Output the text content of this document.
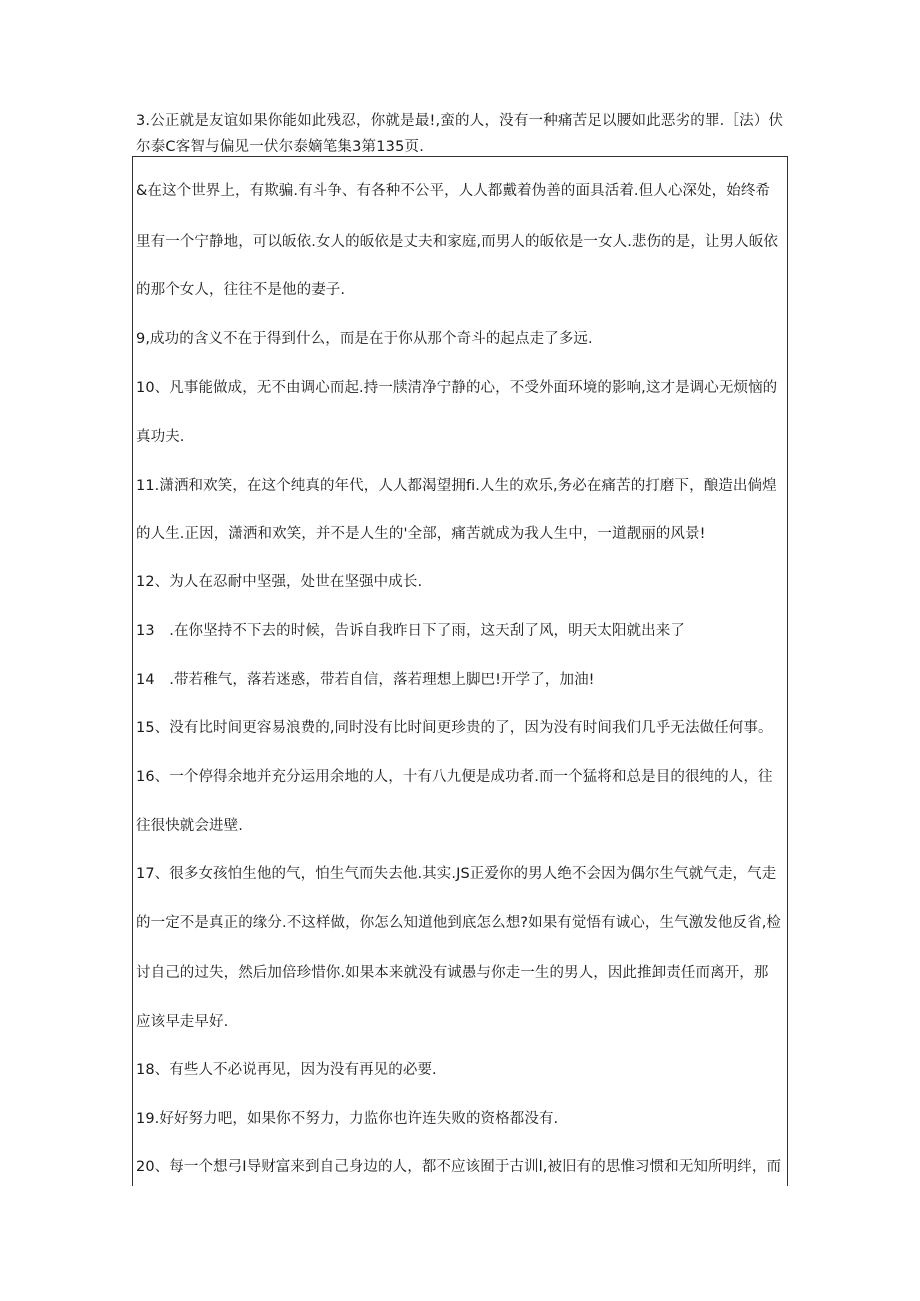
3.公正就是友谊如果你能如此残忍，你就是最!,蛮的人，没有一种痛苦足以腰如此恶劣的罪.［法）伏尔泰C客智与偏见一伏尔泰嫡笔集3第135页.

&在这个世界上，有欺骗.有斗争、有各种不公平，人人都戴着伪善的面具活着.但人心深处，始终希

里有一个宁静地，可以皈依.女人的皈依是丈夫和家庭,而男人的皈依是一女人.悲伤的是，让男人皈依

的那个女人，往往不是他的妻子.

9,成功的含义不在于得到什么，而是在于你从那个奇斗的起点走了多远.

10、凡事能做成，无不由调心而起.持一牍清净宁静的心，不受外面环境的影响,这才是调心无烦恼的

真功夫.

11.潇洒和欢笑，在这个纯真的年代，人人都渴望拥fi.人生的欢乐,务必在痛苦的打磨下，酿造出倘煌

的人生.正因，潇洒和欢笑，并不是人生的'全部，痛苦就成为我人生中，一道靓丽的风景!

12、为人在忍耐中坚强，处世在坚强中成长.

13　.在你坚持不下去的时候，告诉自我昨日下了雨，这天刮了风，明天太阳就出来了

14　.带若稚气，落若迷惑，带若自信，落若理想上脚巴!开学了，加油!

15、没有比时间更容易浪费的,同时没有比时间更珍贵的了，因为没有时间我们几乎无法做任何事。

16、一个停得余地并充分运用余地的人，十有八九便是成功者.而一个猛将和总是目的很纯的人，往

往很快就会进壁.

17、很多女孩怕生他的气，怕生气而失去他.其实.JS正爱你的男人绝不会因为偶尔生气就气走，气走

的一定不是真正的缘分.不这样做，你怎么知道他到底怎么想?如果有觉悟有诚心，生气激发他反省,检

讨自己的过失，然后加倍珍惜你.如果本来就没有诚愚与你走一生的男人，因此推卸责任而离开，那

应该早走早好.

18、有些人不必说再见，因为没有再见的必要.

19.好好努力吧，如果你不努力，力监你也许连失败的资格都没有.

20、每一个想弓I导财富来到自己身边的人，都不应该囿于古训l,被旧有的思惟习惯和无知所明绊，而
